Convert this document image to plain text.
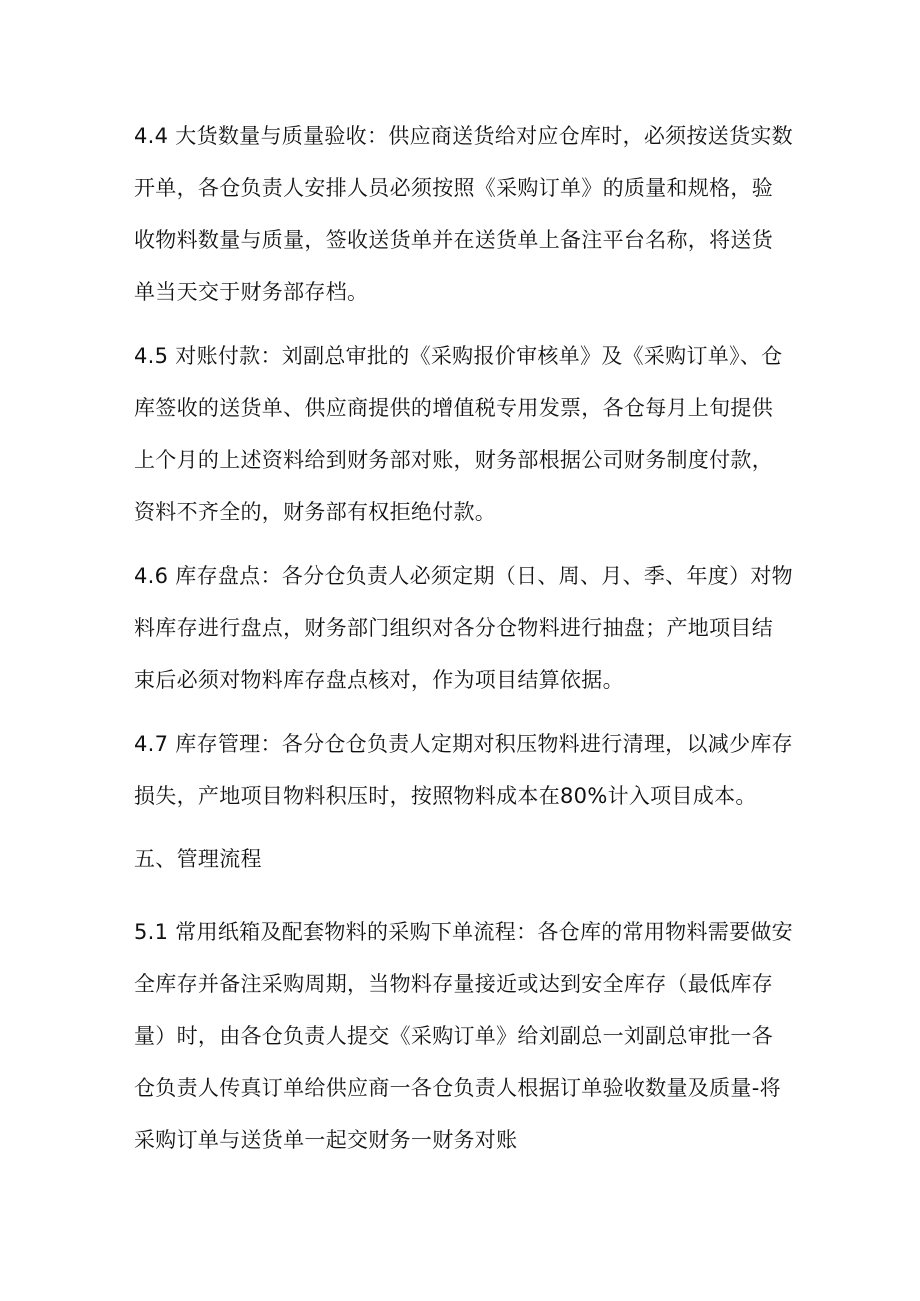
4.4 大货数量与质量验收：供应商送货给对应仓库时，必须按送货实数开单，各仓负责人安排人员必须按照《采购订单》的质量和规格，验收物料数量与质量，签收送货单并在送货单上备注平台名称，将送货单当天交于财务部存档。

4.5 对账付款：刘副总审批的《采购报价审核单》及《采购订单》、仓库签收的送货单、供应商提供的增值税专用发票，各仓每月上旬提供上个月的上述资料给到财务部对账，财务部根据公司财务制度付款，资料不齐全的，财务部有权拒绝付款。

4.6 库存盘点：各分仓负责人必须定期（日、周、月、季、年度）对物料库存进行盘点，财务部门组织对各分仓物料进行抽盘；产地项目结束后必须对物料库存盘点核对，作为项目结算依据。

4.7 库存管理：各分仓仓负责人定期对积压物料进行清理，以减少库存损失，产地项目物料积压时，按照物料成本在80%计入项目成本。

五、管理流程

5.1 常用纸箱及配套物料的采购下单流程：各仓库的常用物料需要做安全库存并备注采购周期，当物料存量接近或达到安全库存（最低库存量）时，由各仓负责人提交《采购订单》给刘副总一刘副总审批一各仓负责人传真订单给供应商一各仓负责人根据订单验收数量及质量-将采购订单与送货单一起交财务一财务对账
